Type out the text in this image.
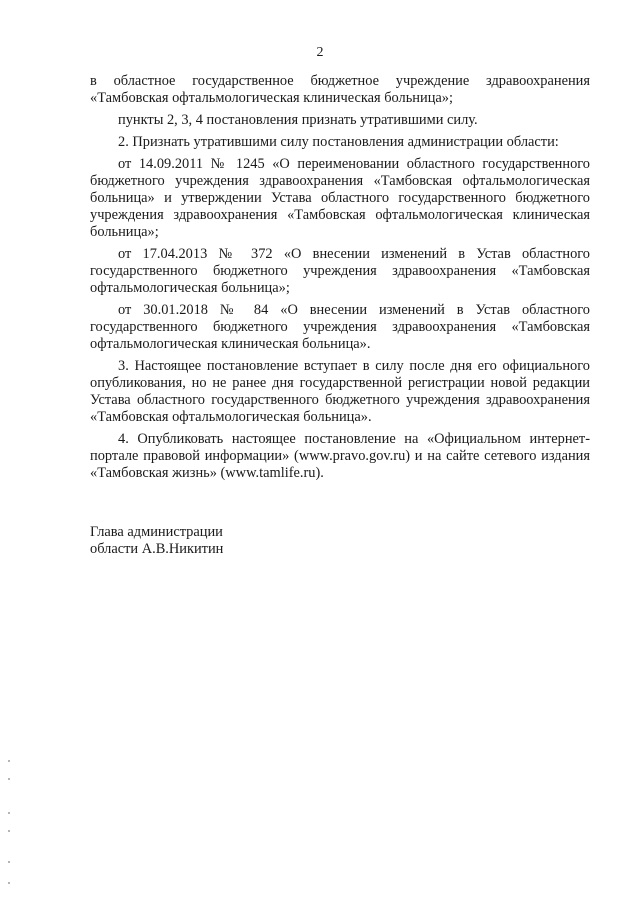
2

в областное государственное бюджетное учреждение здравоохранения «Тамбовская офтальмологическая клиническая больница»;

пункты 2, 3, 4 постановления признать утратившими силу.

2. Признать утратившими силу постановления администрации области:

от 14.09.2011 № 1245 «О переименовании областного государственного бюджетного учреждения здравоохранения «Тамбовская офтальмологическая больница» и утверждении Устава областного государственного бюджетного учреждения здравоохранения «Тамбовская офтальмологическая клиническая больница»;

от 17.04.2013 № 372 «О внесении изменений в Устав областного государственного бюджетного учреждения здравоохранения «Тамбовская офтальмологическая больница»;

от 30.01.2018 № 84 «О внесении изменений в Устав областного государственного бюджетного учреждения здравоохранения «Тамбовская офтальмологическая клиническая больница».

3. Настоящее постановление вступает в силу после дня его официального опубликования, но не ранее дня государственной регистрации новой редакции Устава областного государственного бюджетного учреждения здравоохранения «Тамбовская офтальмологическая больница».

4. Опубликовать настоящее постановление на «Официальном интернет-портале правовой информации» (www.pravo.gov.ru) и на сайте сетевого издания «Тамбовская жизнь» (www.tamlife.ru).

Глава администрации
области А.В.Никитин
